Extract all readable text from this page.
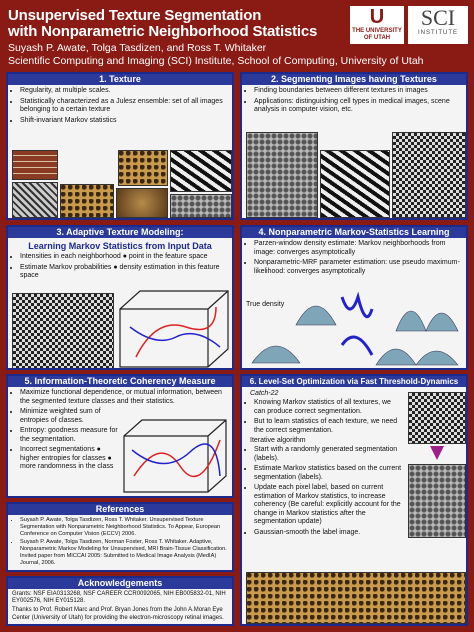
Unsupervised Texture Segmentation
with Nonparametric Neighborhood Statistics
Suyash P. Awate, Tolga Tasdizen, and Ross T. Whitaker
Scientific Computing and Imaging (SCI) Institute, School of Computing, University of Utah
U
THE UNIVERSITY OF UTAH
SCI
INSTITUTE
1. Texture
• Regularity, at multiple scales.
• Statistically characterized as a Julesz ensemble: set of all images belonging to a certain texture
• Shift-invariant Markov statistics
2. Segmenting Images having Textures
• Finding boundaries between different textures in images
• Applications: distinguishing cell types in medical images, scene analysis in computer vision, etc.
3. Adaptive Texture Modeling:
Learning Markov Statistics from Input Data
• Intensities in each neighborhood ● point in the feature space
• Estimate Markov probabilities ● density estimation in this feature space
4. Nonparametric Markov-Statistics Learning
• Parzen-window density estimate: Markov neighborhoods from image: converges asymptotically
• Nonparametric-MRF parameter estimation: use pseudo maximum-likelihood: converges asymptotically
True density
5. Information-Theoretic Coherency Measure
• Maximize functional dependence, or mutual information, between the segmented texture classes and their statistics.
• Minimize weighted sum of entropies of classes.
• Entropy: goodness measure for the segmentation.
• Incorrect segmentations ● higher entropies for classes ● more randomness in the class
6. Level-Set Optimization via Fast Threshold-Dynamics
Catch-22
• Knowing Markov statistics of all textures, we can produce correct segmentation.
• But to learn statistics of each texture, we need the correct segmentation.
Iterative algorithm
• Start with a randomly generated segmentation (labels).
• Estimate Markov statistics based on the current segmentation (labels).
• Update each pixel label, based on current estimation of Markov statistics, to increase coherency (Be careful: explicitly account for the change in Markov statistics after the segmentation update)
• Gaussian-smooth the label image.
References
• Suyash P. Awate, Tolga Tasdizen, Ross T. Whitaker. Unsupervised Texture Segmentation with Nonparametric Neighborhood Statistics. To Appear, European Conference on Computer Vision (ECCV) 2006.
• Suyash P. Awate, Tolga Tasdizen, Norman Foster, Ross T. Whitaker. Adaptive, Nonparametric Markov Modeling for Unsupervised, MRI Brain-Tissue Classification. Invited paper from MICCAI 2005: Submitted to Medical Image Analysis (MedIA) Journal, 2006.
Acknowledgements
Grants: NSF EIA0313268, NSF CAREER CCR0092065, NIH EB005832-01, NIH EY002576, NIH EY015128.
Thanks to Prof. Robert Marc and Prof. Bryan Jones from the John A.Moran Eye Center (University of Utah) for providing the electron-microscopy retinal images.
